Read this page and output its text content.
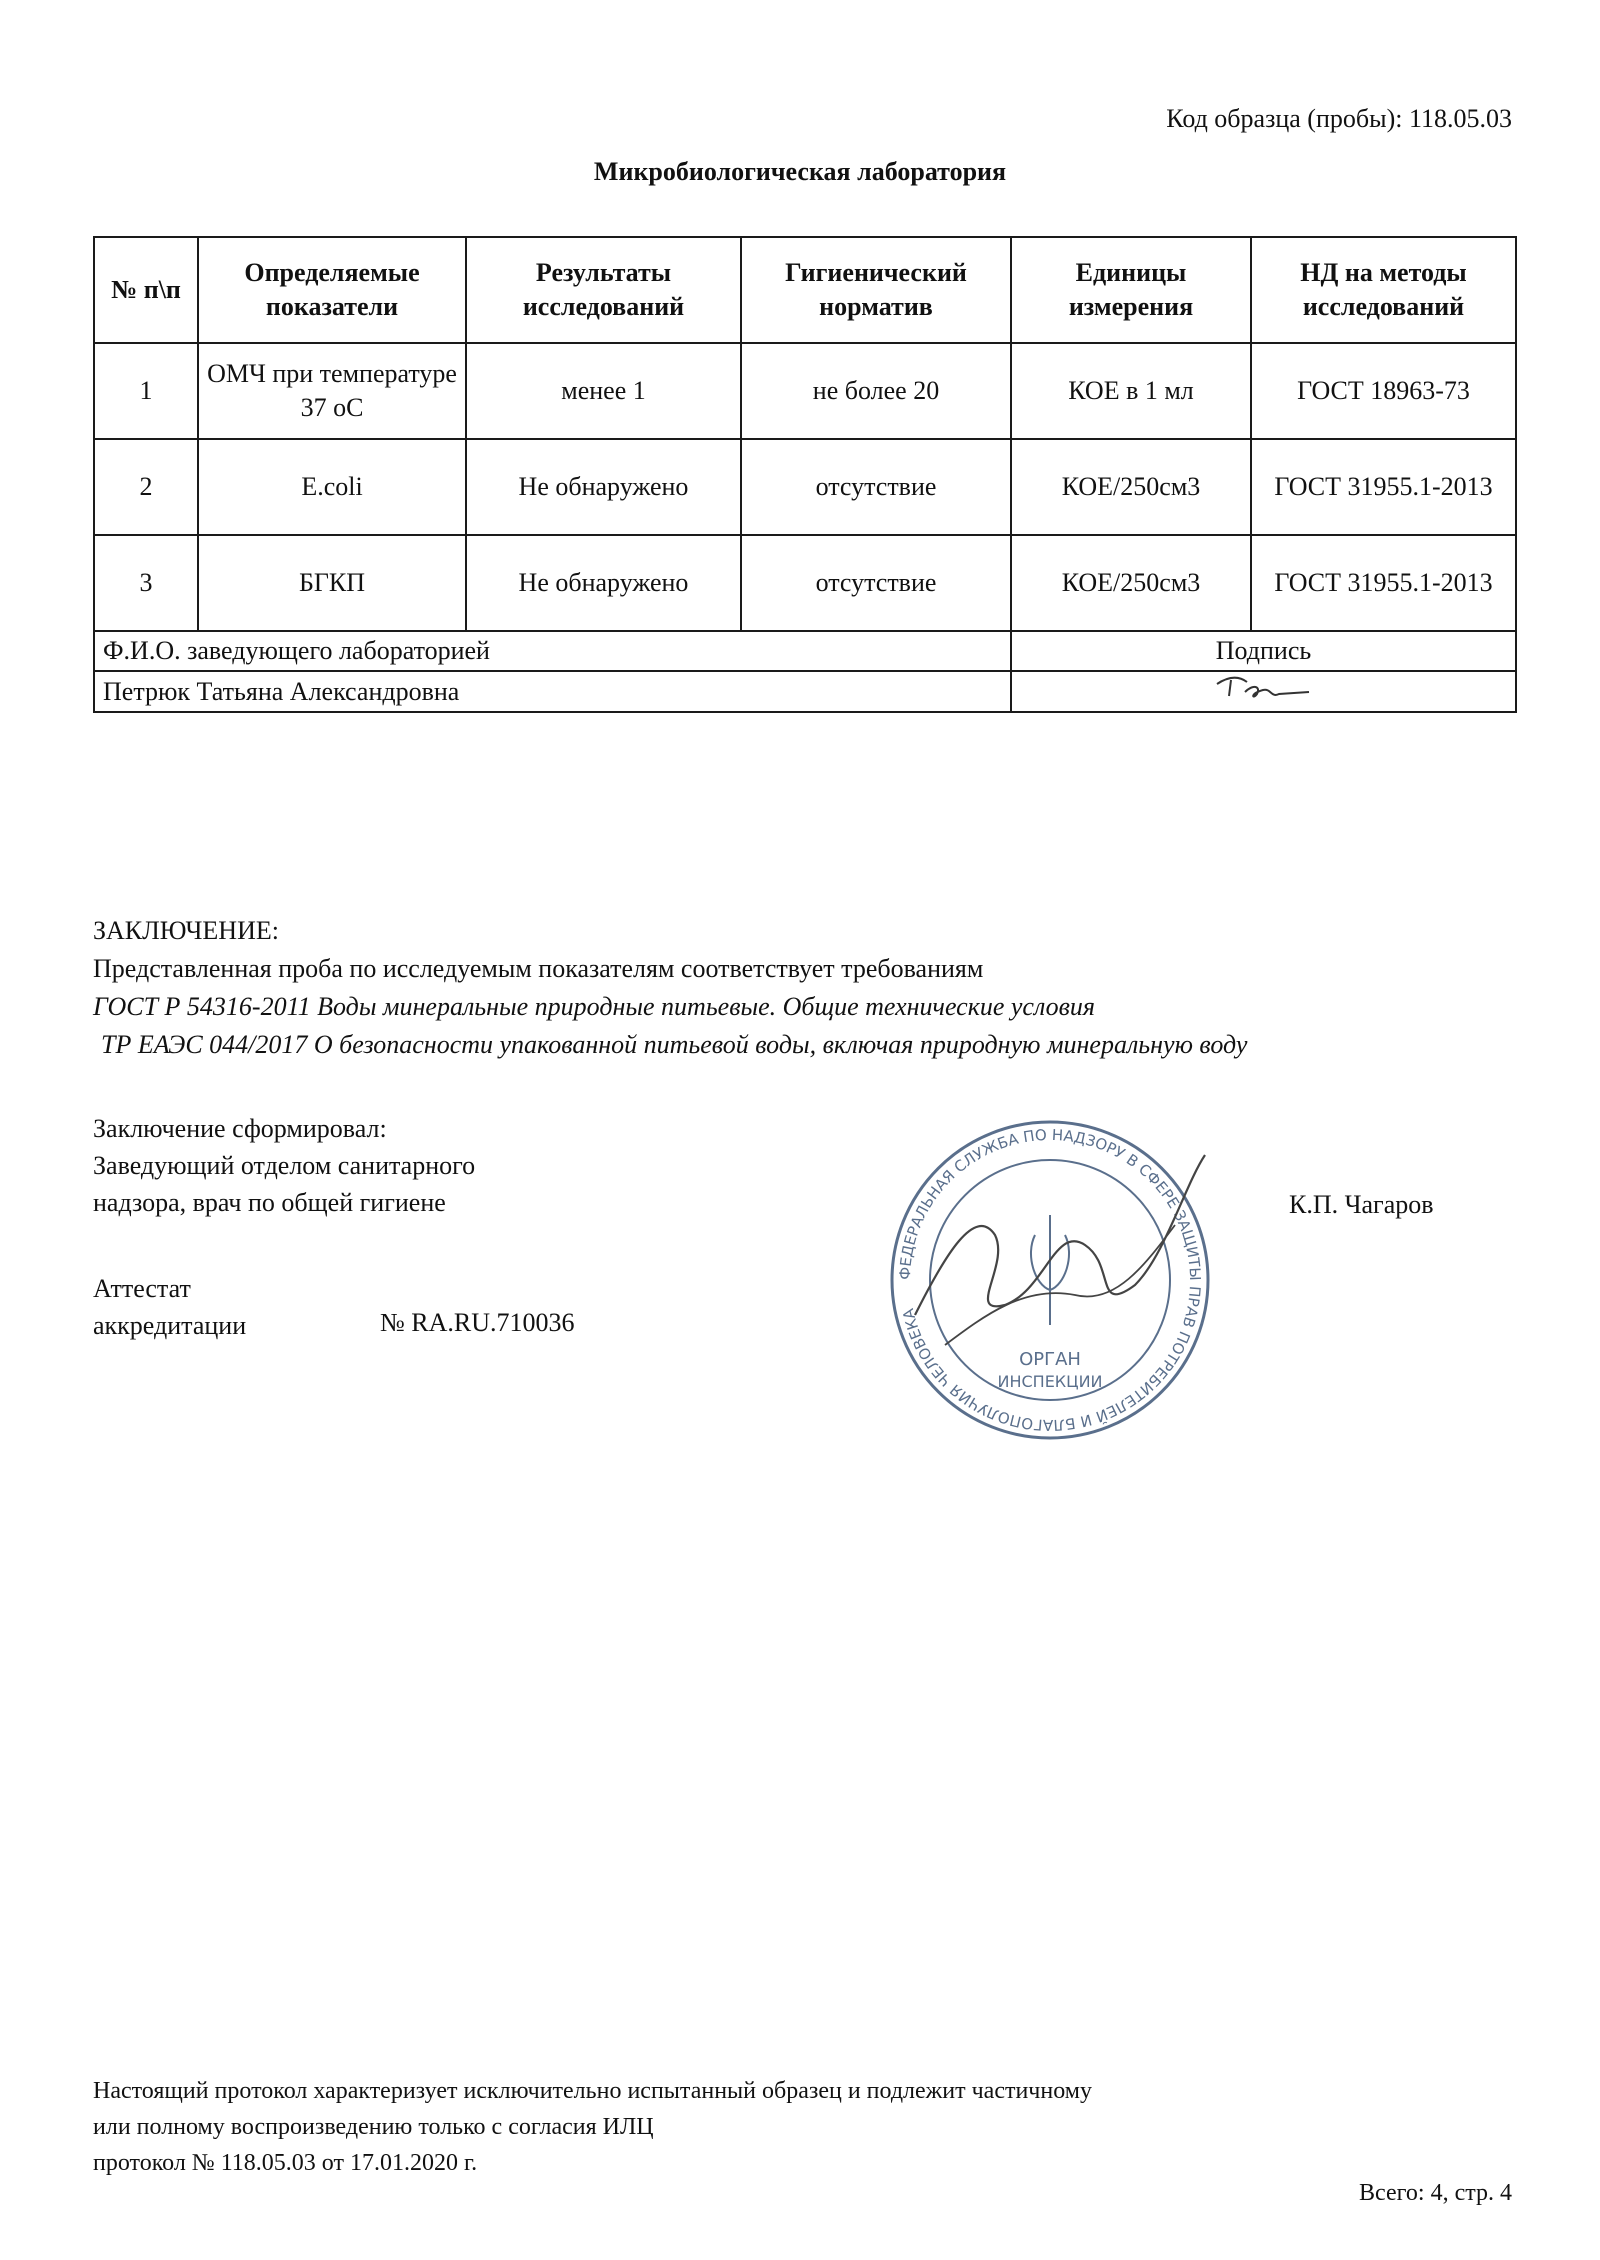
Код образца (пробы): 118.05.03
Микробиологическая лаборатория
№ п\п	Определяемые показатели	Результаты исследований	Гигиенический норматив	Единицы измерения	НД на методы исследований
1	ОМЧ при температуре 37 оС	менее 1	не более 20	КОЕ в 1 мл	ГОСТ 18963-73
2	E.coli	Не обнаружено	отсутствие	КОЕ/250см3	ГОСТ 31955.1-2013
3	БГКП	Не обнаружено	отсутствие	КОЕ/250см3	ГОСТ 31955.1-2013
Ф.И.О. заведующего лабораторией				Подпись	
Петрюк Татьяна Александровна	
ЗАКЛЮЧЕНИЕ:
Представленная проба по исследуемым показателям соответствует требованиям
ГОСТ Р 54316-2011 Воды минеральные природные питьевые. Общие технические условия
ТР ЕАЭС 044/2017 О безопасности упакованной питьевой воды, включая природную минеральную воду
Заключение сформировал:
Заведующий отделом санитарного
надзора, врач по общей гигиене	К.П. Чагаров
Аттестат
аккредитации	№ RA.RU.710036
ФЕДЕРАЛЬНАЯ СЛУЖБА ПО НАДЗОРУ В СФЕРЕ ЗАЩИТЫ ПРАВ ПОТРЕБИТЕЛЕЙ И БЛАГОПОЛУЧИЯ ЧЕЛОВЕКА
ОРГАН
ИНСПЕКЦИИ
Настоящий протокол характеризует исключительно испытанный образец и подлежит частичному
или полному воспроизведению только с согласия ИЛЦ
протокол № 118.05.03 от 17.01.2020 г.
Всего: 4, стр. 4
